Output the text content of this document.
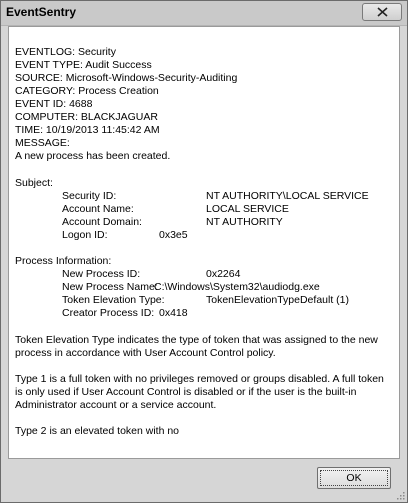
EventSentry
EVENTLOG: Security
EVENT TYPE: Audit Success
SOURCE: Microsoft-Windows-Security-Auditing
CATEGORY: Process Creation
EVENT ID: 4688
COMPUTER: BLACKJAGUAR
TIME: 10/19/2013 11:45:42 AM
MESSAGE:
A new process has been created.
Subject:
Security ID:	NT AUTHORITY\LOCAL SERVICE
Account Name:	LOCAL SERVICE
Account Domain:	NT AUTHORITY
Logon ID:	0x3e5
Process Information:
New Process ID:	0x2264
New Process Name:
C:\Windows\System32\audiodg.exe
Token Elevation Type:	TokenElevationTypeDefault (1)
Creator Process ID: 0x418
Token Elevation Type indicates the type of token that was assigned to the new process in accordance with User Account Control policy.
Type 1 is a full token with no privileges removed or groups disabled. A full token is only used if User Account Control is disabled or if the user is the built-in Administrator account or a service account.
Type 2 is an elevated token with no
OK
